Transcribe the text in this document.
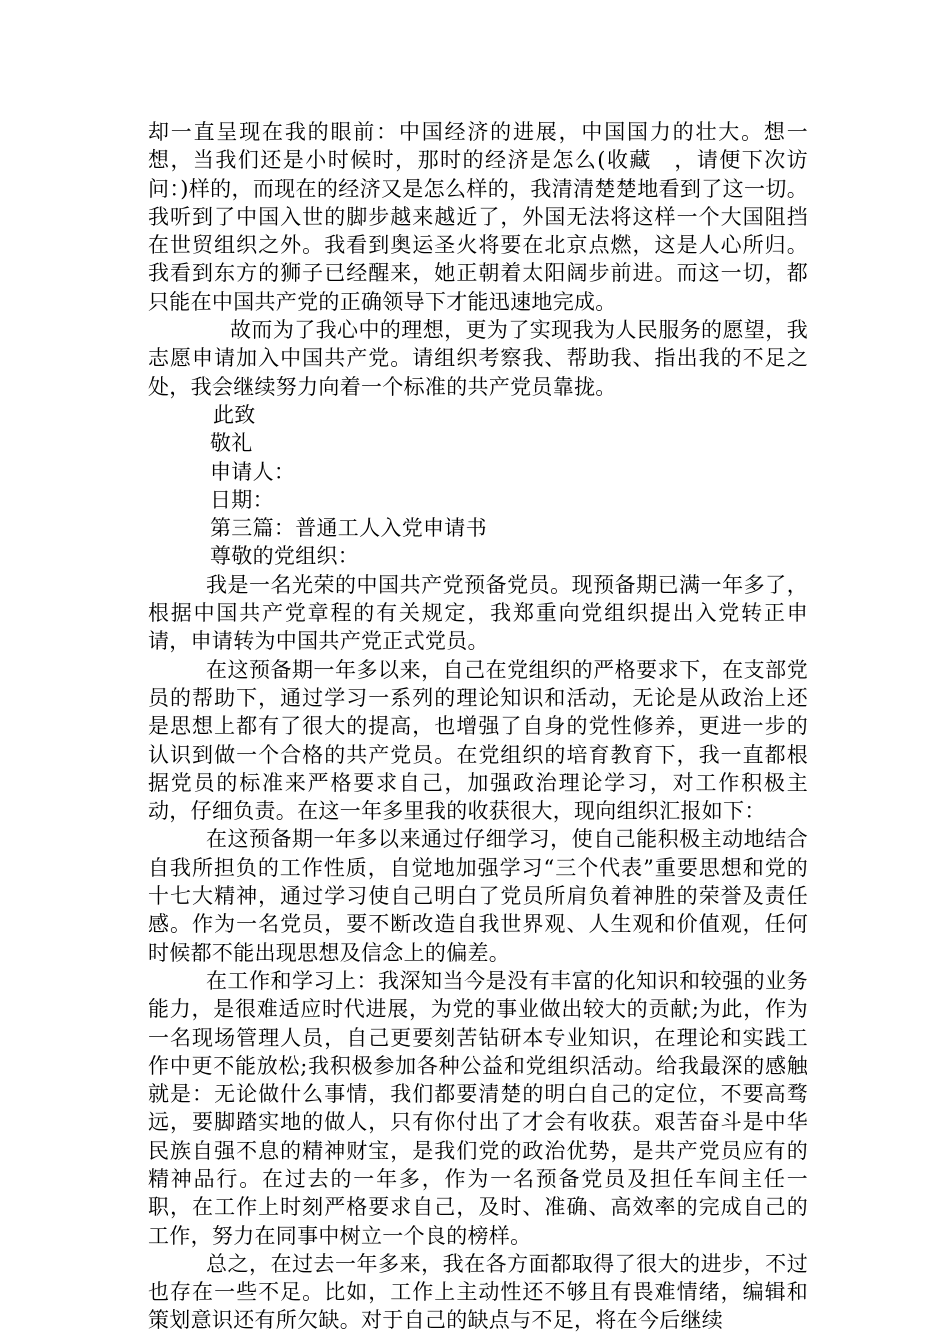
却一直呈现在我的眼前：中国经济的进展，中国国力的壮大。想一想，当我们还是小时候时，那时的经济是怎么(收藏　，请便下次访问：)样的，而现在的经济又是怎么样的，我清清楚楚地看到了这一切。我听到了中国入世的脚步越来越近了，外国无法将这样一个大国阻挡在世贸组织之外。我看到奥运圣火将要在北京点燃，这是人心所归。我看到东方的狮子已经醒来，她正朝着太阳阔步前进。而这一切，都只能在中国共产党的正确领导下才能迅速地完成。

故而为了我心中的理想，更为了实现我为人民服务的愿望，我志愿申请加入中国共产党。请组织考察我、帮助我、指出我的不足之处，我会继续努力向着一个标准的共产党员靠拢。

此致

敬礼

申请人：

日期：

第三篇：普通工人入党申请书

尊敬的党组织：

我是一名光荣的中国共产党预备党员。现预备期已满一年多了，根据中国共产党章程的有关规定，我郑重向党组织提出入党转正申请，申请转为中国共产党正式党员。

在这预备期一年多以来，自己在党组织的严格要求下，在支部党员的帮助下，通过学习一系列的理论知识和活动，无论是从政治上还是思想上都有了很大的提高，也增强了自身的党性修养，更进一步的认识到做一个合格的共产党员。在党组织的培育教育下，我一直都根据党员的标准来严格要求自己，加强政治理论学习，对工作积极主动，仔细负责。在这一年多里我的收获很大，现向组织汇报如下：

在这预备期一年多以来通过仔细学习，使自己能积极主动地结合自我所担负的工作性质，自觉地加强学习“三个代表”重要思想和党的十七大精神，通过学习使自己明白了党员所肩负着神胜的荣誉及责任感。作为一名党员，要不断改造自我世界观、人生观和价值观，任何时候都不能出现思想及信念上的偏差。

在工作和学习上：我深知当今是没有丰富的化知识和较强的业务能力，是很难适应时代进展，为党的事业做出较大的贡献;为此，作为一名现场管理人员，自己更要刻苦钻研本专业知识，在理论和实践工作中更不能放松;我积极参加各种公益和党组织活动。给我最深的感触就是：无论做什么事情，我们都要清楚的明白自己的定位，不要高骛远，要脚踏实地的做人，只有你付出了才会有收获。艰苦奋斗是中华民族自强不息的精神财宝，是我们党的政治优势，是共产党员应有的精神品行。在过去的一年多，作为一名预备党员及担任车间主任一职，在工作上时刻严格要求自己，及时、准确、高效率的完成自己的工作，努力在同事中树立一个良的榜样。

总之，在过去一年多来，我在各方面都取得了很大的进步，不过也存在一些不足。比如，工作上主动性还不够且有畏难情绪，编辑和策划意识还有所欠缺。对于自己的缺点与不足，将在今后继续
